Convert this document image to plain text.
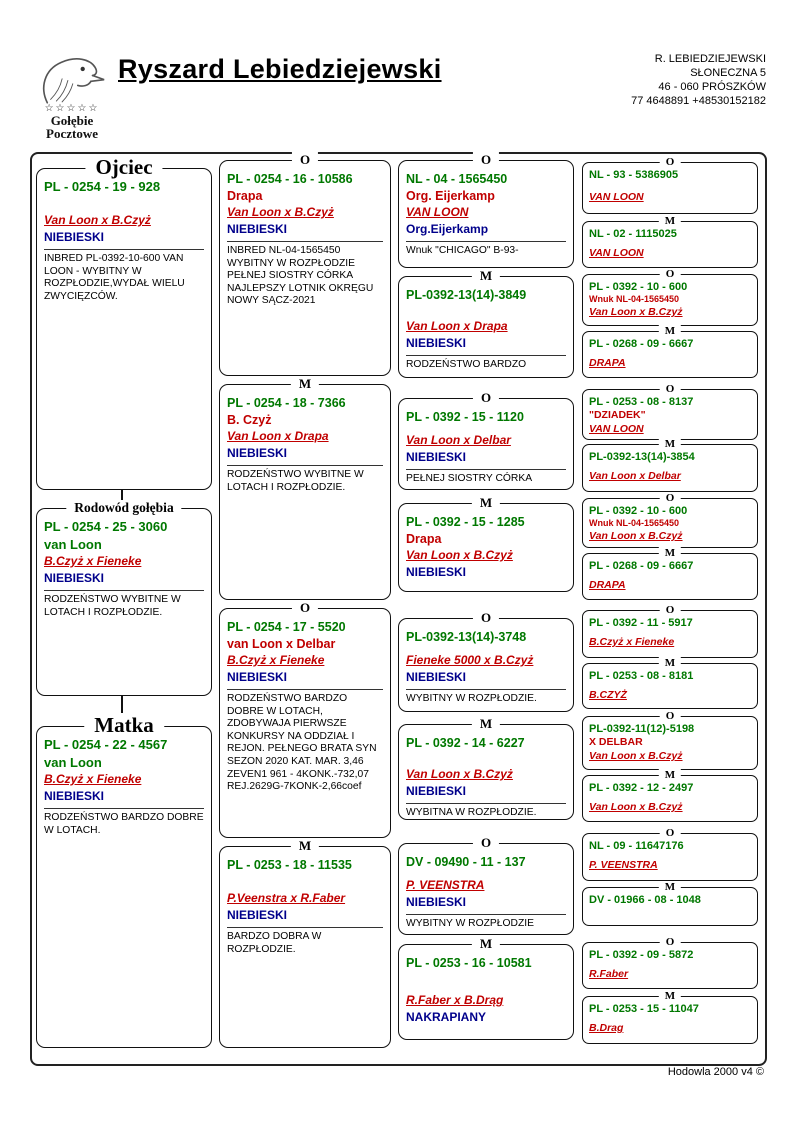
☆☆☆☆☆
Gołębie
Pocztowe
Ryszard Lebiedziejewski	R. LEBIEDZIEJEWSKI
SŁONECZNA 5
46 - 060 PRÓSZKÓW
77 4648891 +48530152182
Ojciec
PL - 0254 - 19 - 928
Van Loon x B.Czyż
NIEBIESKI
INBRED PL-0392-10-600 VAN LOON - WYBITNY W ROZPŁODZIE,WYDAŁ WIELU ZWYCIĘZCÓW.
Rodowód gołębia
PL - 0254 - 25 - 3060
van Loon
B.Czyż x Fieneke
NIEBIESKI
RODZEŃSTWO WYBITNE W LOTACH I ROZPŁODZIE.
Matka
PL - 0254 - 22 - 4567
van Loon
B.Czyż x Fieneke
NIEBIESKI
RODZEŃSTWO BARDZO DOBRE W LOTACH.
O
PL - 0254 - 16 - 10586
Drapa
Van Loon x B.Czyż
NIEBIESKI
INBRED NL-04-1565450 WYBITNY W ROZPŁODZIE PEŁNEJ SIOSTRY CÓRKA NAJLEPSZY LOTNIK OKRĘGU NOWY SĄCZ-2021
M
PL - 0254 - 18 - 7366
B. Czyż
Van Loon x Drapa
NIEBIESKI
RODZEŃSTWO WYBITNE W LOTACH I ROZPŁODZIE.
O
PL - 0254 - 17 - 5520
van Loon x Delbar
B.Czyż x Fieneke
NIEBIESKI
RODZEŃSTWO BARDZO DOBRE W LOTACH, ZDOBYWAJA PIERWSZE KONKURSY NA ODDZIAŁ I REJON. PEŁNEGO BRATA SYN SEZON 2020 KAT. MAR. 3,46 ZEVEN1 961 - 4KONK.-732,07 REJ.2629G-7KONK-2,66coef
M
PL - 0253 - 18 - 11535
P.Veenstra x R.Faber
NIEBIESKI
BARDZO DOBRA W ROZPŁODZIE.
O
NL - 04 - 1565450
Org. Eijerkamp
VAN LOON
Org.Eijerkamp
Wnuk "CHICAGO" B-93-
M
PL-0392-13(14)-3849
Van Loon x Drapa
NIEBIESKI
RODZEŃSTWO BARDZO
O
PL - 0392 - 15 - 1120
Van Loon x Delbar
NIEBIESKI
PEŁNEJ SIOSTRY CÓRKA
M
PL - 0392 - 15 - 1285
Drapa
Van Loon x B.Czyż
NIEBIESKI
O
PL-0392-13(14)-3748
Fieneke 5000 x B.Czyż
NIEBIESKI
WYBITNY W ROZPŁODZIE.
M
PL - 0392 - 14 - 6227
Van Loon x B.Czyż
NIEBIESKI
WYBITNA W ROZPŁODZIE.
O
DV - 09490 - 11 - 137
P. VEENSTRA
NIEBIESKI
WYBITNY W ROZPŁODZIE
M
PL - 0253 - 16 - 10581
R.Faber x B.Drąg
NAKRAPIANY
O
NL - 93 - 5386905
VAN LOON
M
NL - 02 - 1115025
VAN LOON
O
PL - 0392 - 10 - 600
Wnuk NL-04-1565450
Van Loon x B.Czyż
M
PL - 0268 - 09 - 6667
DRAPA
O
PL - 0253 - 08 - 8137
"DZIADEK"
VAN LOON
M
PL-0392-13(14)-3854
Van Loon x Delbar
O
PL - 0392 - 10 - 600
Wnuk NL-04-1565450
Van Loon x B.Czyż
M
PL - 0268 - 09 - 6667
DRAPA
O
PL - 0392 - 11 - 5917
B.Czyż x Fieneke
M
PL - 0253 - 08 - 8181
B.CZYŻ
O
PL-0392-11(12)-5198
X DELBAR
Van Loon x B.Czyż
M
PL - 0392 - 12 - 2497
Van Loon x B.Czyż
O
NL - 09 - 11647176
P. VEENSTRA
M
DV - 01966 - 08 - 1048
O
PL - 0392 - 09 - 5872
R.Faber
M
PL - 0253 - 15 - 11047
B.Drag
Hodowla 2000 v4 ©
